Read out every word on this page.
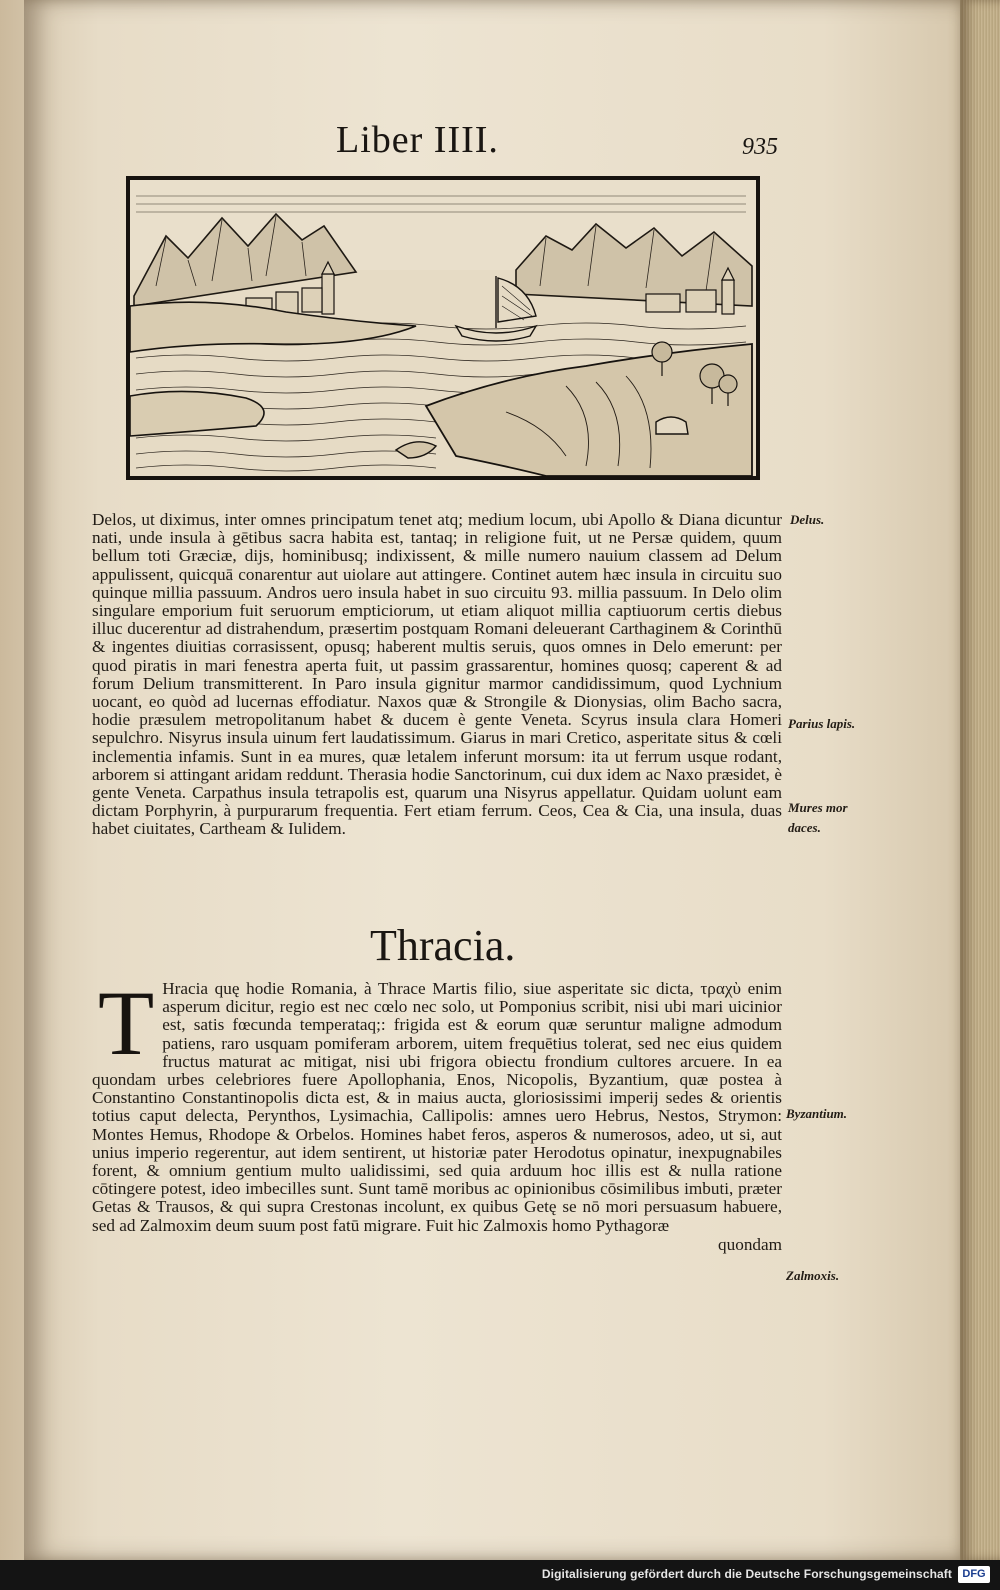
Liber IIII.	935

Delos, ut diximus, inter omnes principatum tenet atq; medium locum, ubi Apollo & Diana dicuntur nati, unde insula à gētibus sacra habita est, tantaq; in religione fuit, ut ne Persæ quidem, quum bellum toti Græciæ, dijs, hominibusq; indixissent, & mille numero nauium classem ad Delum appulissent, quicquā conarentur aut uiolare aut attingere. Continet autem hæc insula in circuitu suo quinque millia passuum. Andros uero insula habet in suo circuitu 93. millia passuum. In Delo olim singulare emporium fuit seruorum empticiorum, ut etiam aliquot millia captiuorum certis diebus illuc ducerentur ad distrahendum, præsertim postquam Romani deleuerant Carthaginem & Corinthū & ingentes diuitias corrasissent, opusq; haberent multis seruis, quos omnes in Delo emerunt: per quod piratis in mari fenestra aperta fuit, ut passim grassarentur, homines quosq; caperent & ad forum Delium transmitterent. In Paro insula gignitur marmor candidissimum, quod Lychnium uocant, eo quòd ad lucernas effodiatur. Naxos quæ & Strongile & Dionysias, olim Bacho sacra, hodie præsulem metropolitanum habet & ducem è gente Veneta. Scyrus insula clara Homeri sepulchro. Nisyrus insula uinum fert laudatissimum. Giarus in mari Cretico, asperitate situs & cœli inclementia infamis. Sunt in ea mures, quæ letalem inferunt morsum: ita ut ferrum usque rodant, arborem si attingant aridam reddunt. Therasia hodie Sanctorinum, cui dux idem ac Naxo præsidet, è gente Veneta. Carpathus insula tetrapolis est, quarum una Nisyrus appellatur. Quidam uolunt eam dictam Porphyrin, à purpurarum frequentia. Fert etiam ferrum. Ceos, Cea & Cia, una insula, duas habet ciuitates, Cartheam & Iulidem.

Thracia.
T Hracia quę hodie Romania, à Thrace Martis filio, siue asperitate sic dicta, τραχὺ enim asperum dicitur, regio est nec cœlo nec solo, ut Pomponius scribit, nisi ubi mari uicinior est, satis fœcunda temperataq;: frigida est & eorum quæ seruntur maligne admodum patiens, raro usquam pomiferam arborem, uitem frequētius tolerat, sed nec eius quidem fructus maturat ac mitigat, nisi ubi frigora obiectu frondium cultores arcuere. In ea quondam urbes celebriores fuere Apollophania, Enos, Nicopolis, Byzantium, quæ postea à Constantino Constantinopolis dicta est, & in maius aucta, gloriosissimi imperij sedes & orientis totius caput delecta, Perynthos, Lysimachia, Callipolis: amnes uero Hebrus, Nestos, Strymon: Montes Hemus, Rhodope & Orbelos. Homines habet feros, asperos & numerosos, adeo, ut si, aut unius imperio regerentur, aut idem sentirent, ut historiæ pater Herodotus opinatur, inexpugnabiles forent, & omnium gentium multo ualidissimi, sed quia arduum hoc illis est & nulla ratione cōtingere potest, ideo imbecilles sunt. Sunt tamē moribus ac opinionibus cōsimilibus imbuti, præter Getas & Trausos, & qui supra Crestonas incolunt, ex quibus Getę se nō mori persuasum habuere, sed ad Zalmoxim deum suum post fatū migrare. Fuit hic Zalmoxis homo Pythagoræ

quondam

Delus.
Parius lapis.
Mures mor
daces.
Byzantium.
Zalmoxis.
Digitalisierung gefördert durch die Deutsche Forschungsgemeinschaft DFG
